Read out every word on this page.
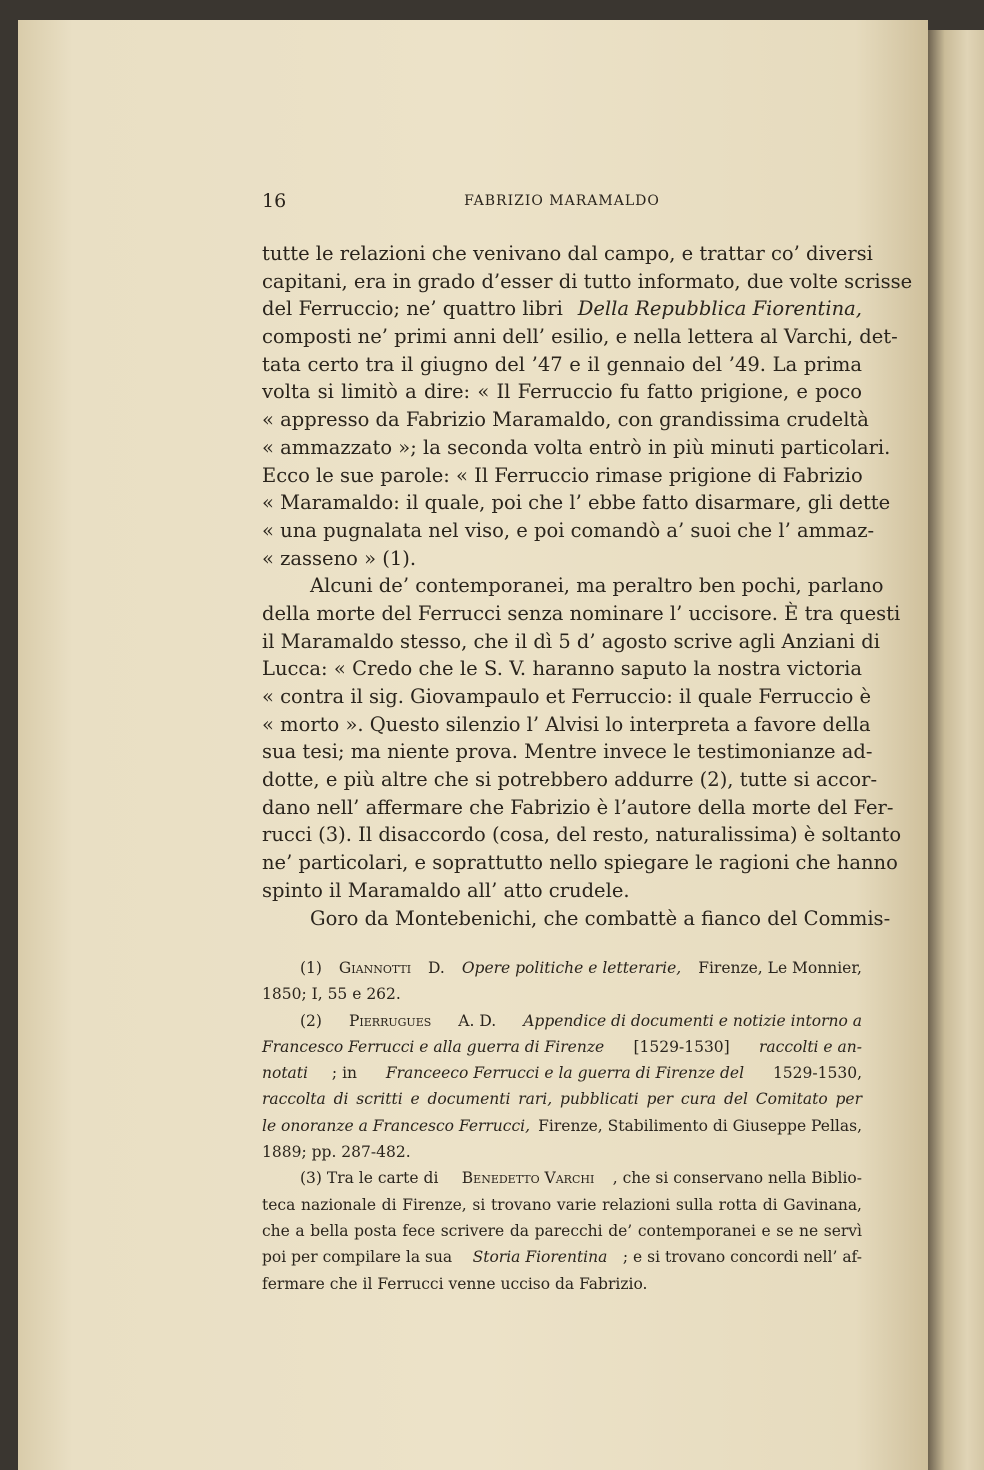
16	FABRIZIO MARAMALDO
tutte le relazioni che venivano dal campo, e trattar co’ diversi
capitani, era in grado d’esser di tutto informato, due volte scrisse
del Ferruccio; ne’ quattro libri Della Repubblica Fiorentina,
composti ne’ primi anni dell’ esilio, e nella lettera al Varchi, det-
tata certo tra il giugno del ’47 e il gennaio del ’49. La prima
volta si limitò a dire: « Il Ferruccio fu fatto prigione, e poco
« appresso da Fabrizio Maramaldo, con grandissima crudeltà
« ammazzato »; la seconda volta entrò in più minuti particolari.
Ecco le sue parole: « Il Ferruccio rimase prigione di Fabrizio
« Maramaldo: il quale, poi che l’ ebbe fatto disarmare, gli dette
« una pugnalata nel viso, e poi comandò a’ suoi che l’ ammaz-
« zasseno » (1).
Alcuni de’ contemporanei, ma peraltro ben pochi, parlano
della morte del Ferrucci senza nominare l’ uccisore. È tra questi
il Maramaldo stesso, che il dì 5 d’ agosto scrive agli Anziani di
Lucca: « Credo che le S. V. haranno saputo la nostra victoria
« contra il sig. Giovampaulo et Ferruccio: il quale Ferruccio è
« morto ». Questo silenzio l’ Alvisi lo interpreta a favore della
sua tesi; ma niente prova. Mentre invece le testimonianze ad-
dotte, e più altre che si potrebbero addurre (2), tutte si accor-
dano nell’ affermare che Fabrizio è l’autore della morte del Fer-
rucci (3). Il disaccordo (cosa, del resto, naturalissima) è soltanto
ne’ particolari, e soprattutto nello spiegare le ragioni che hanno
spinto il Maramaldo all’ atto crudele.
Goro da Montebenichi, che combattè a fianco del Commis-
(1) Giannotti D. Opere politiche e letterarie, Firenze, Le Monnier,
1850; I, 55 e 262.
(2) Pierrugues A. D. Appendice di documenti e notizie intorno a
Francesco Ferrucci e alla guerra di Firenze [1529-1530] raccolti e an-
notati ; in Franceeco Ferrucci e la guerra di Firenze del 1529-1530,
raccolta di scritti e documenti rari, pubblicati per cura del Comitato per
le onoranze a Francesco Ferrucci, Firenze, Stabilimento di Giuseppe Pellas,
1889; pp. 287-482.
(3) Tra le carte di Benedetto Varchi , che si conservano nella Biblio-
teca nazionale di Firenze, si trovano varie relazioni sulla rotta di Gavinana,
che a bella posta fece scrivere da parecchi de’ contemporanei e se ne servì
poi per compilare la sua Storia Fiorentina ; e si trovano concordi nell’ af-
fermare che il Ferrucci venne ucciso da Fabrizio.
